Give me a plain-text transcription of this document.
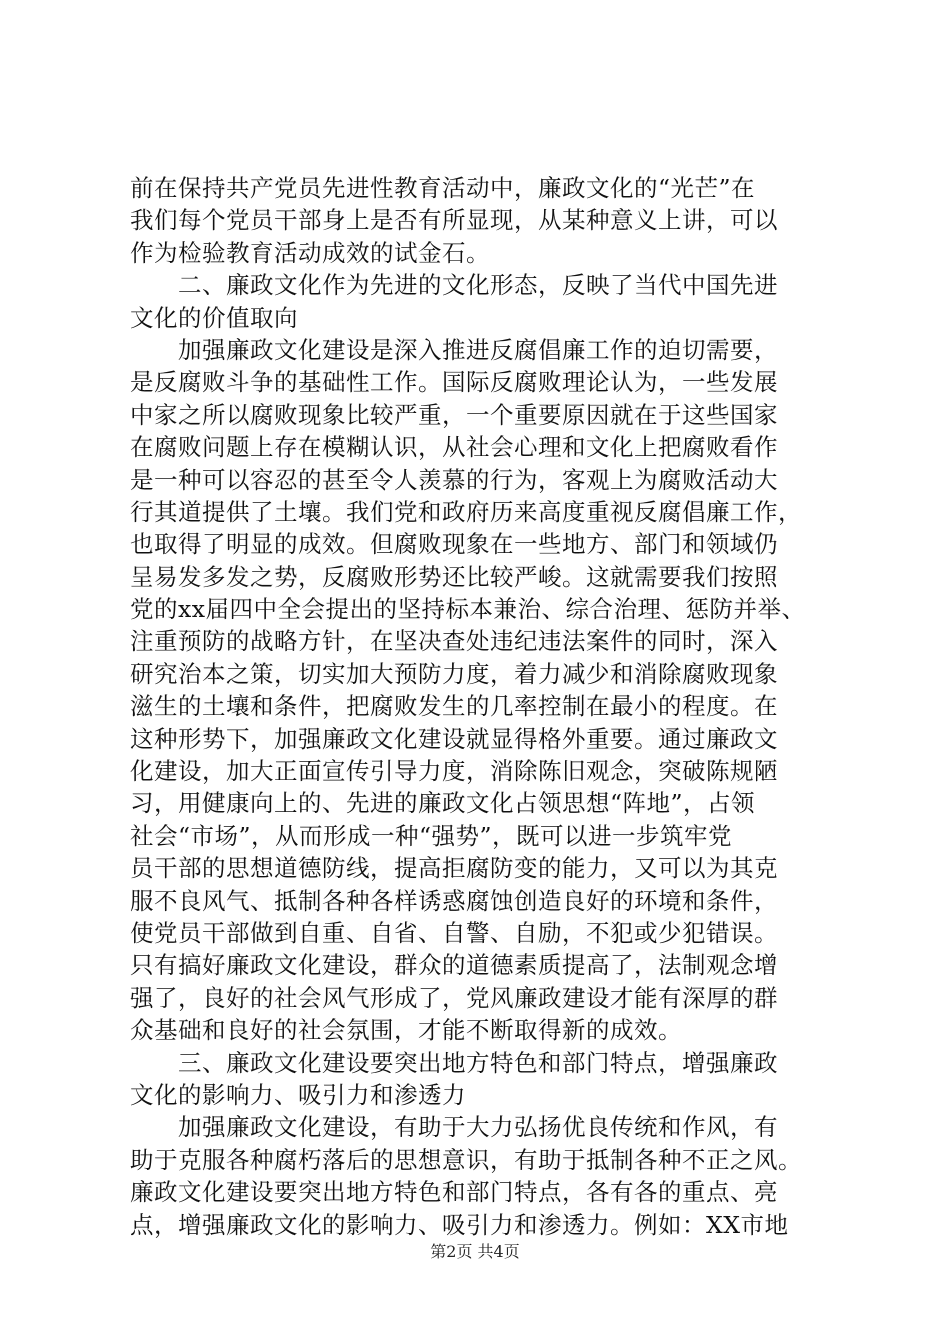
前在保持共产党员先进性教育活动中，廉政文化的“光芒”在
我们每个党员干部身上是否有所显现，从某种意义上讲，可以
作为检验教育活动成效的试金石。
　　二、廉政文化作为先进的文化形态，反映了当代中国先进
文化的价值取向
　　加强廉政文化建设是深入推进反腐倡廉工作的迫切需要，
是反腐败斗争的基础性工作。国际反腐败理论认为，一些发展
中家之所以腐败现象比较严重，一个重要原因就在于这些国家
在腐败问题上存在模糊认识，从社会心理和文化上把腐败看作
是一种可以容忍的甚至令人羡慕的行为，客观上为腐败活动大
行其道提供了土壤。我们党和政府历来高度重视反腐倡廉工作，
也取得了明显的成效。但腐败现象在一些地方、部门和领域仍
呈易发多发之势，反腐败形势还比较严峻。这就需要我们按照
党的xx届四中全会提出的坚持标本兼治、综合治理、惩防并举、
注重预防的战略方针，在坚决查处违纪违法案件的同时，深入
研究治本之策，切实加大预防力度，着力减少和消除腐败现象
滋生的土壤和条件，把腐败发生的几率控制在最小的程度。在
这种形势下，加强廉政文化建设就显得格外重要。通过廉政文
化建设，加大正面宣传引导力度，消除陈旧观念，突破陈规陋
习，用健康向上的、先进的廉政文化占领思想“阵地”，占领
社会“市场”，从而形成一种“强势”，既可以进一步筑牢党
员干部的思想道德防线，提高拒腐防变的能力，又可以为其克
服不良风气、抵制各种各样诱惑腐蚀创造良好的环境和条件，
使党员干部做到自重、自省、自警、自励，不犯或少犯错误。
只有搞好廉政文化建设，群众的道德素质提高了，法制观念增
强了，良好的社会风气形成了，党风廉政建设才能有深厚的群
众基础和良好的社会氛围，才能不断取得新的成效。
　　三、廉政文化建设要突出地方特色和部门特点，增强廉政
文化的影响力、吸引力和渗透力
　　加强廉政文化建设，有助于大力弘扬优良传统和作风，有
助于克服各种腐朽落后的思想意识，有助于抵制各种不正之风。
廉政文化建设要突出地方特色和部门特点，各有各的重点、亮
点，增强廉政文化的影响力、吸引力和渗透力。例如：XX市地
第2页 共4页
